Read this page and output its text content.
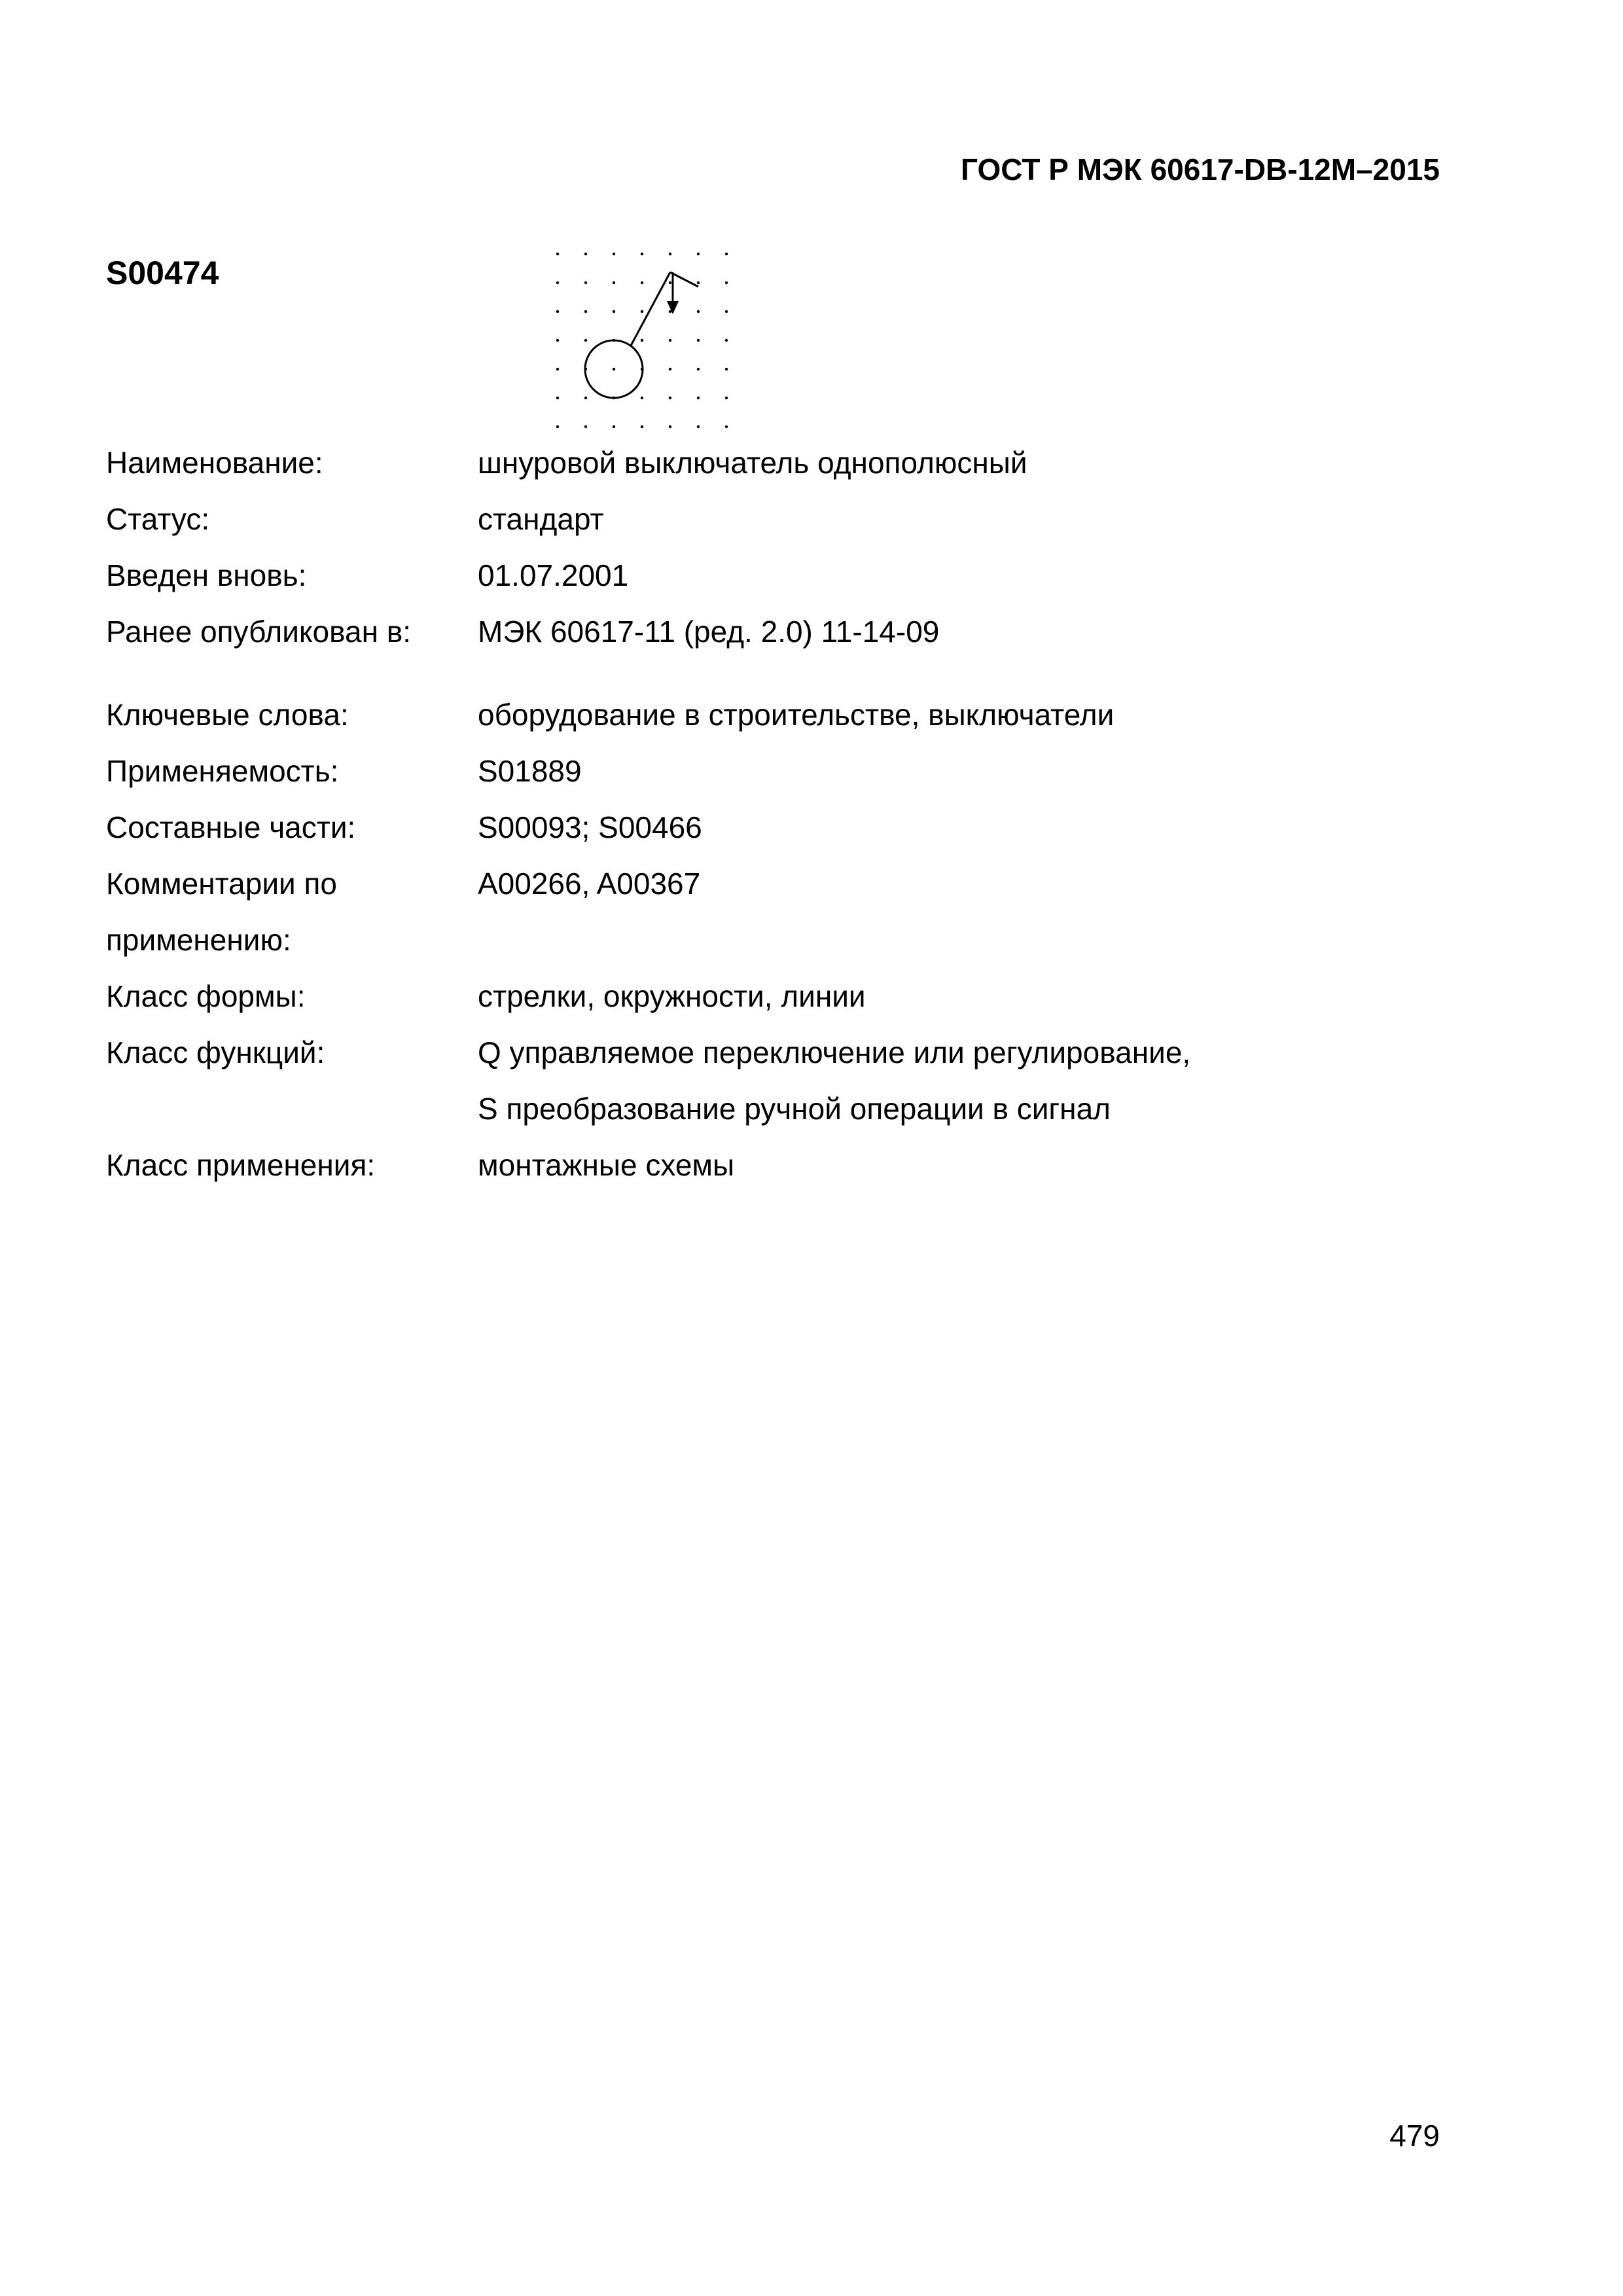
ГОСТ Р МЭК 60617-DB-12M–2015
S00474
Наименование:	шнуровой выключатель однополюсный
Статус:	стандарт
Введен вновь:	01.07.2001
Ранее опубликован в: МЭК 60617-11 (ред. 2.0) 11-14-09
Ключевые слова:	оборудование в строительстве, выключатели
Применяемость:	S01889
Составные части:	S00093; S00466
Комментарии по	A00266, A00367
применению:
Класс формы:	стрелки, окружности, линии
Класс функций:	Q управляемое переключение или регулирование,
S преобразование ручной операции в сигнал
Класс применения:	монтажные схемы
479
